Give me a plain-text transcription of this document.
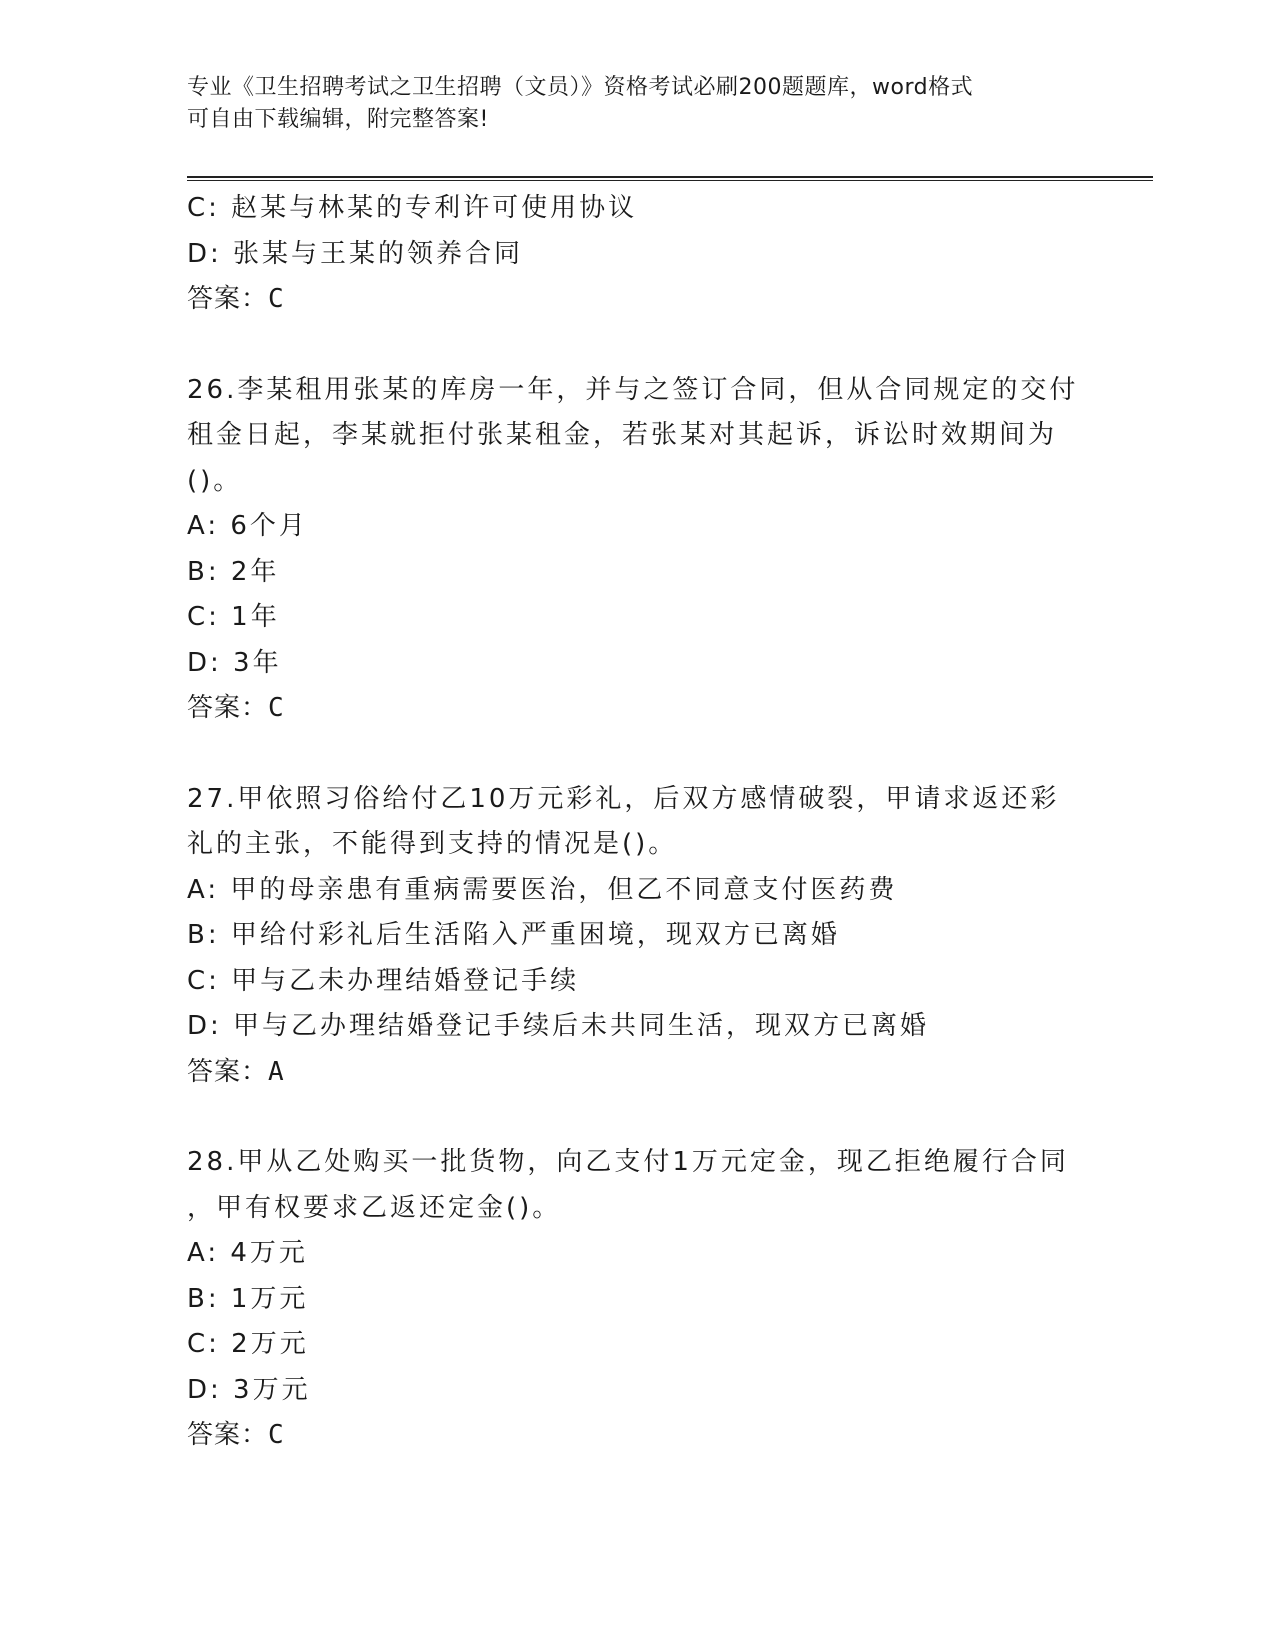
专业《卫生招聘考试之卫生招聘（文员）》资格考试必刷200题题库，word格式
可自由下载编辑，附完整答案!
C: 赵某与林某的专利许可使用协议
D: 张某与王某的领养合同
答案：C
26.李某租用张某的库房一年，并与之签订合同，但从合同规定的交付
租金日起，李某就拒付张某租金，若张某对其起诉，诉讼时效期间为
()。
A: 6个月
B: 2年
C: 1年
D: 3年
答案：C
27.甲依照习俗给付乙10万元彩礼，后双方感情破裂，甲请求返还彩
礼的主张，不能得到支持的情况是()。
A: 甲的母亲患有重病需要医治，但乙不同意支付医药费
B: 甲给付彩礼后生活陷入严重困境，现双方已离婚
C: 甲与乙未办理结婚登记手续
D: 甲与乙办理结婚登记手续后未共同生活，现双方已离婚
答案：A
28.甲从乙处购买一批货物，向乙支付1万元定金，现乙拒绝履行合同
，甲有权要求乙返还定金()。
A: 4万元
B: 1万元
C: 2万元
D: 3万元
答案：C
